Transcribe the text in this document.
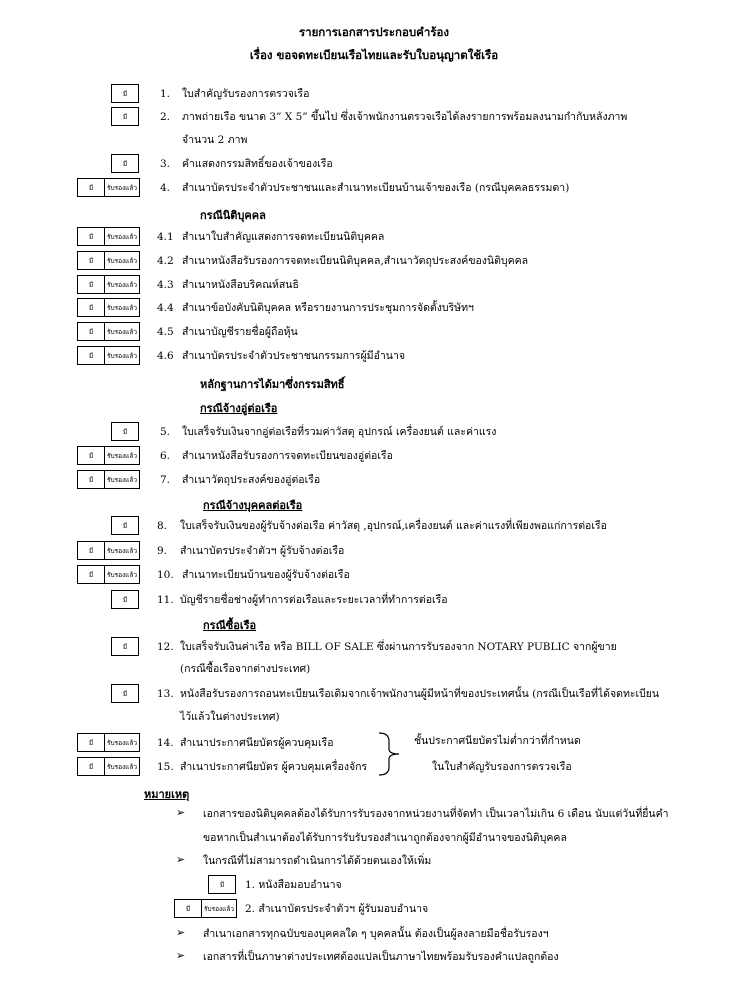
รายการเอกสารประกอบคำร้อง
เรื่อง ขอจดทะเบียนเรือไทยและรับใบอนุญาตใช้เรือ
มี	1. ใบสำคัญรับรองการตรวจเรือ
มี	2. ภาพถ่ายเรือ ขนาด 3” X 5” ขึ้นไป ซึ่งเจ้าพนักงานตรวจเรือได้ลงรายการพร้อมลงนามกำกับหลังภาพ
จำนวน 2 ภาพ
มี	3. คำแสดงกรรมสิทธิ์ของเจ้าของเรือ
มี	รับรองแล้ว 4. สำเนาบัตรประจำตัวประชาชนและสำเนาทะเบียนบ้านเจ้าของเรือ (กรณีบุคคลธรรมดา)
กรณีนิติบุคคล
มี	รับรองแล้ว 4.1 สำเนาใบสำคัญแสดงการจดทะเบียนนิติบุคคล
มี	รับรองแล้ว 4.2 สำเนาหนังสือรับรองการจดทะเบียนนิติบุคคล,สำเนาวัตถุประสงค์ของนิติบุคคล
มี	รับรองแล้ว 4.3 สำเนาหนังสือบริคณห์สนธิ
มี	รับรองแล้ว 4.4 สำเนาข้อบังคับนิติบุคคล หรือรายงานการประชุมการจัดตั้งบริษัทฯ
มี	รับรองแล้ว 4.5 สำเนาบัญชีรายชื่อผู้ถือหุ้น
มี	รับรองแล้ว 4.6 สำเนาบัตรประจำตัวประชาชนกรรมการผู้มีอำนาจ
หลักฐานการได้มาซึ่งกรรมสิทธิ์
กรณีจ้างอู่ต่อเรือ
มี	5. ใบเสร็จรับเงินจากอู่ต่อเรือที่รวมค่าวัสดุ อุปกรณ์ เครื่องยนต์ และค่าแรง
มี	รับรองแล้ว 6. สำเนาหนังสือรับรองการจดทะเบียนของอู่ต่อเรือ
มี	รับรองแล้ว 7. สำเนาวัตถุประสงค์ของอู่ต่อเรือ
กรณีจ้างบุคคลต่อเรือ
มี	8. ใบเสร็จรับเงินของผู้รับจ้างต่อเรือ ค่าวัสดุ ,อุปกรณ์,เครื่องยนต์ และค่าแรงที่เพียงพอแก่การต่อเรือ
มี	รับรองแล้ว 9. สำเนาบัตรประจำตัวฯ ผู้รับจ้างต่อเรือ
มี	รับรองแล้ว 10. สำเนาทะเบียนบ้านของผู้รับจ้างต่อเรือ
มี	11. บัญชีรายชื่อช่างผู้ทำการต่อเรือและระยะเวลาที่ทำการต่อเรือ
กรณีซื้อเรือ
มี	12. ใบเสร็จรับเงินค่าเรือ หรือ BILL OF SALE ซึ่งผ่านการรับรองจาก NOTARY PUBLIC จากผู้ขาย
(กรณีซื้อเรือจากต่างประเทศ)
มี	13. หนังสือรับรองการถอนทะเบียนเรือเดิมจากเจ้าพนักงานผู้มีหน้าที่ของประเทศนั้น (กรณีเป็นเรือที่ได้จดทะเบียน
ไว้แล้วในต่างประเทศ)
มี	รับรองแล้ว 14. สำเนาประกาศนียบัตรผู้ควบคุมเรือ
มี	รับรองแล้ว 15. สำเนาประกาศนียบัตร ผู้ควบคุมเครื่องจักร
ชั้นประกาศนียบัตรไม่ต่ำกว่าที่กำหนด
ในใบสำคัญรับรองการตรวจเรือ
หมายเหตุ
➢ เอกสารของนิติบุคคลต้องได้รับการรับรองจากหน่วยงานที่จัดทำ เป็นเวลาไม่เกิน 6 เดือน นับแต่วันที่ยื่นคำ
ขอหากเป็นสำเนาต้องได้รับการรับรับรองสำเนาถูกต้องจากผู้มีอำนาจของนิติบุคคล
➢ ในกรณีที่ไม่สามารถดำเนินการได้ด้วยตนเองให้เพิ่ม
มี	1. หนังสือมอบอำนาจ
มี	รับรองแล้ว 2. สำเนาบัตรประจำตัวฯ ผู้รับมอบอำนาจ
➢ สำเนาเอกสารทุกฉบับของบุคคลใด ๆ บุคคลนั้น ต้องเป็นผู้ลงลายมือชื่อรับรองฯ
➢ เอกสารที่เป็นภาษาต่างประเทศต้องแปลเป็นภาษาไทยพร้อมรับรองคำแปลถูกต้อง
